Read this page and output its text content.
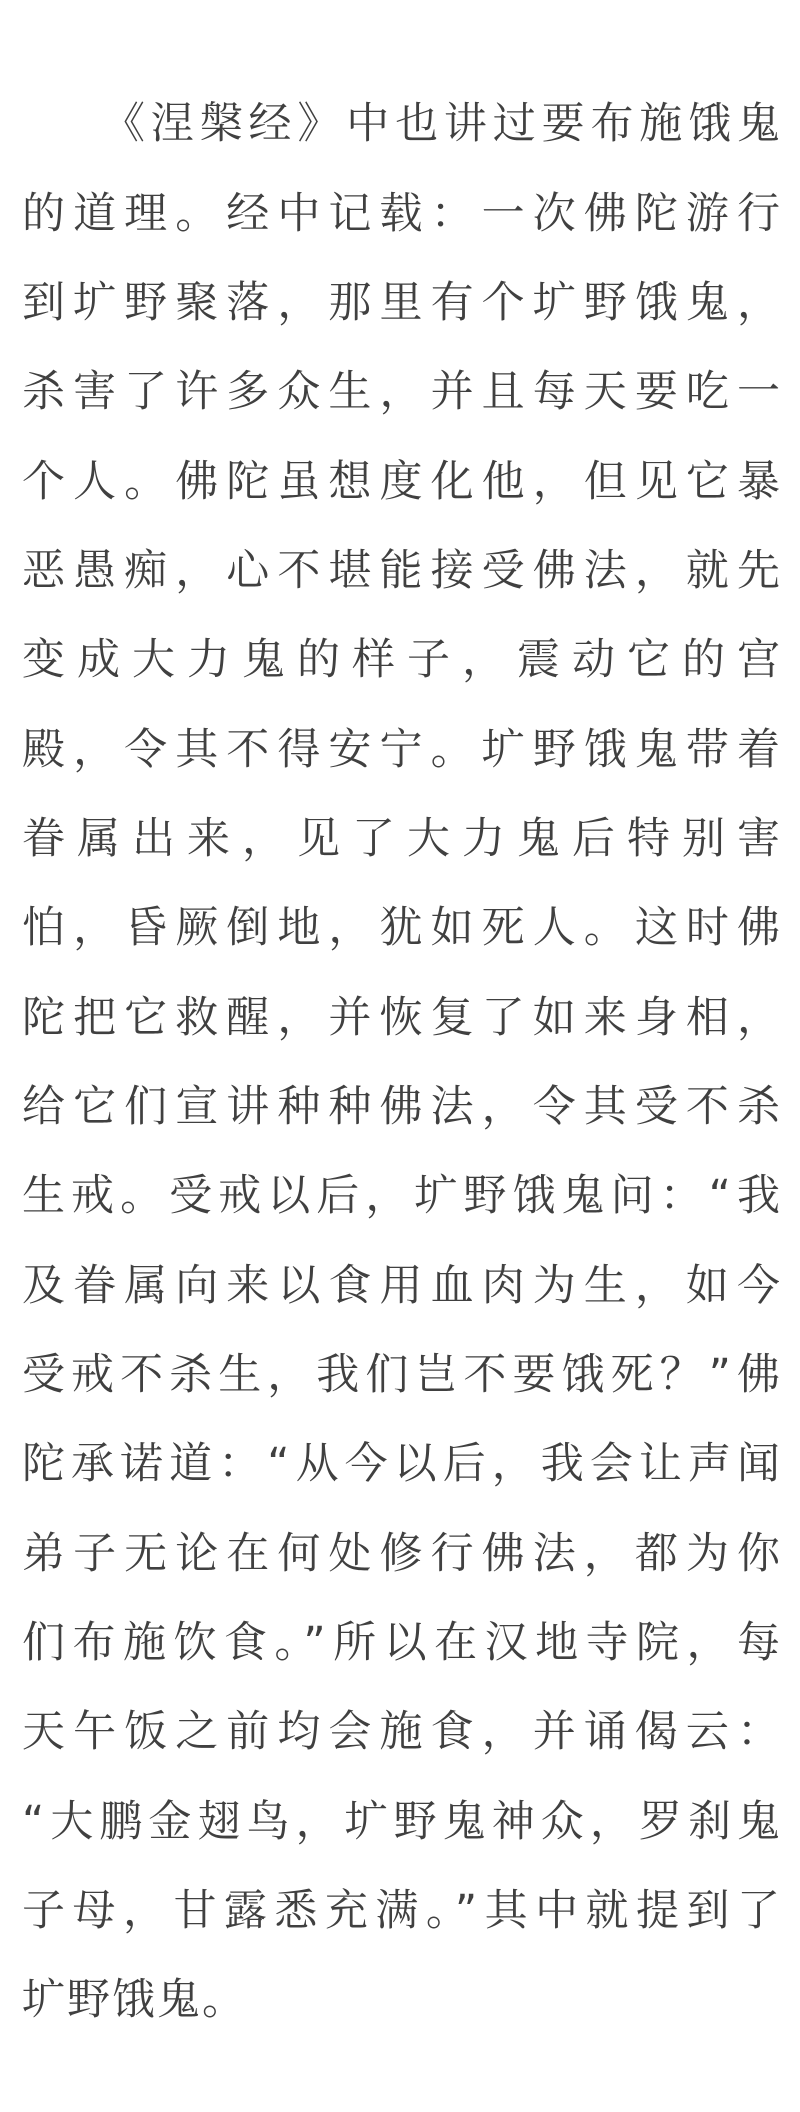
《涅槃经》中也讲过要布施饿鬼
的道理。经中记载：一次佛陀游行
到圹野聚落，那里有个圹野饿鬼，
杀害了许多众生，并且每天要吃一
个人。佛陀虽想度化他，但见它暴
恶愚痴，心不堪能接受佛法，就先
变成大力鬼的样子，震动它的宫
殿，令其不得安宁。圹野饿鬼带着
眷属出来，见了大力鬼后特别害
怕，昏厥倒地，犹如死人。这时佛
陀把它救醒，并恢复了如来身相，
给它们宣讲种种佛法，令其受不杀
生戒。受戒以后，圹野饿鬼问：“我
及眷属向来以食用血肉为生，如今
受戒不杀生，我们岂不要饿死？”佛
陀承诺道：“从今以后，我会让声闻
弟子无论在何处修行佛法，都为你
们布施饮食。”所以在汉地寺院，每
天午饭之前均会施食，并诵偈云：
“大鹏金翅鸟，圹野鬼神众，罗刹鬼
子母，甘露悉充满。”其中就提到了
圹野饿鬼。
